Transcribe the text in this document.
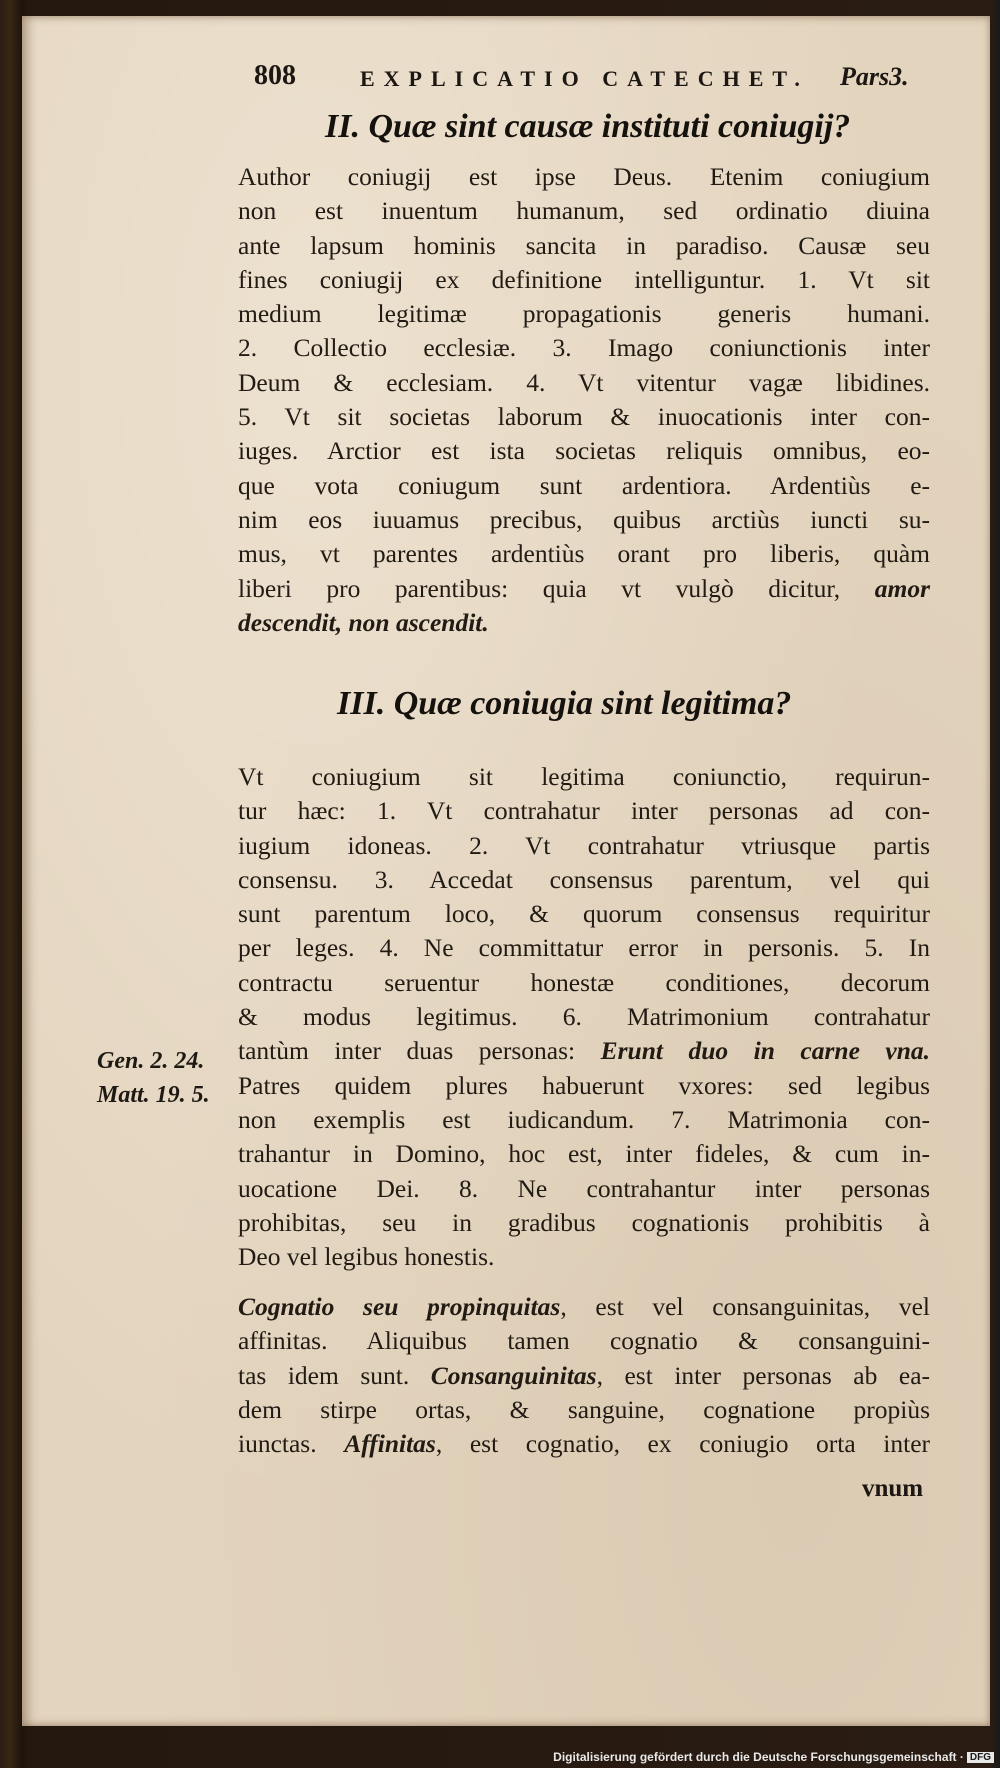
808	EXPLICATIO CATECHET. Pars3.
II. Quæ sint causæ instituti coniugij?
Author coniugij est ipse Deus. Etenim coniugium
non est inuentum humanum, sed ordinatio diuina
ante lapsum hominis sancita in paradiso. Causæ seu
fines coniugij ex definitione intelliguntur. 1. Vt sit
medium legitimæ propagationis generis humani.
2. Collectio ecclesiæ. 3. Imago coniunctionis inter
Deum & ecclesiam. 4. Vt vitentur vagæ libidines.
5. Vt sit societas laborum & inuocationis inter con-
iuges. Arctior est ista societas reliquis omnibus, eo-
que vota coniugum sunt ardentiora. Ardentiùs e-
nim eos iuuamus precibus, quibus arctiùs iuncti su-
mus, vt parentes ardentiùs orant pro liberis, quàm
liberi pro parentibus: quia vt vulgò dicitur, amor
descendit, non ascendit.
III. Quæ coniugia sint legitima?
Vt coniugium sit legitima coniunctio, requirun-
tur hæc: 1. Vt contrahatur inter personas ad con-
iugium idoneas. 2. Vt contrahatur vtriusque partis
consensu. 3. Accedat consensus parentum, vel qui
sunt parentum loco, & quorum consensus requiritur
per leges. 4. Ne committatur error in personis. 5. In
contractu seruentur honestæ conditiones, decorum
& modus legitimus. 6. Matrimonium contrahatur
tantùm inter duas personas: Erunt duo in carne vna.
Patres quidem plures habuerunt vxores: sed legibus
non exemplis est iudicandum. 7. Matrimonia con-
trahantur in Domino, hoc est, inter fideles, & cum in-
uocatione Dei. 8. Ne contrahantur inter personas
prohibitas, seu in gradibus cognationis prohibitis à
Deo vel legibus honestis.
Gen. 2. 24.
Matt. 19. 5.
Cognatio seu propinquitas, est vel consanguinitas, vel
affinitas. Aliquibus tamen cognatio & consanguini-
tas idem sunt. Consanguinitas, est inter personas ab ea-
dem stirpe ortas, & sanguine, cognatione propiùs
iunctas. Affinitas, est cognatio, ex coniugio orta inter
vnum
Digitalisierung gefördert durch die Deutsche Forschungsgemeinschaft · DFG
